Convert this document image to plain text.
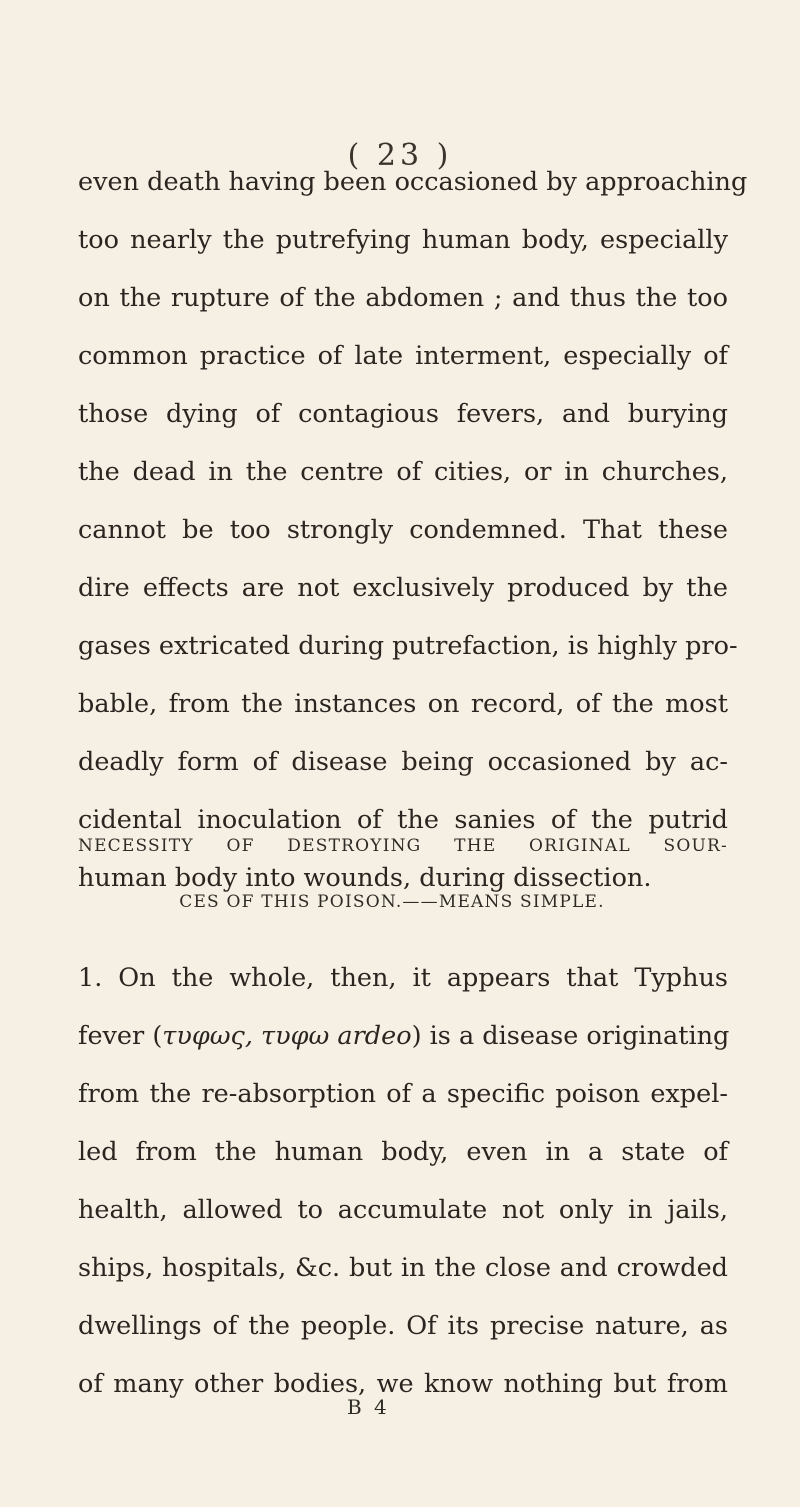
( 23 )
even death having been occasioned by approaching
too nearly the putrefying human body, especially
on the rupture of the abdomen ; and thus the too
common practice of late interment, especially of
those dying of contagious fevers, and burying
the dead in the centre of cities, or in churches,
cannot be too strongly condemned. That these
dire effects are not exclusively produced by the
gases extricated during putrefaction, is highly pro-
bable, from the instances on record, of the most
deadly form of disease being occasioned by ac-
cidental inoculation of the sanies of the putrid
human body into wounds, during dissection.
NECESSITY OF DESTROYING THE ORIGINAL SOUR-
CES OF THIS POISON.——MEANS SIMPLE.
1. On the whole, then, it appears that Typhus
fever (τυφως, τυφω ardeo) is a disease originating
from the re-absorption of a specific poison expel-
led from the human body, even in a state of
health, allowed to accumulate not only in jails,
ships, hospitals, &c. but in the close and crowded
dwellings of the people. Of its precise nature, as
of many other bodies, we know nothing but from
B 4
